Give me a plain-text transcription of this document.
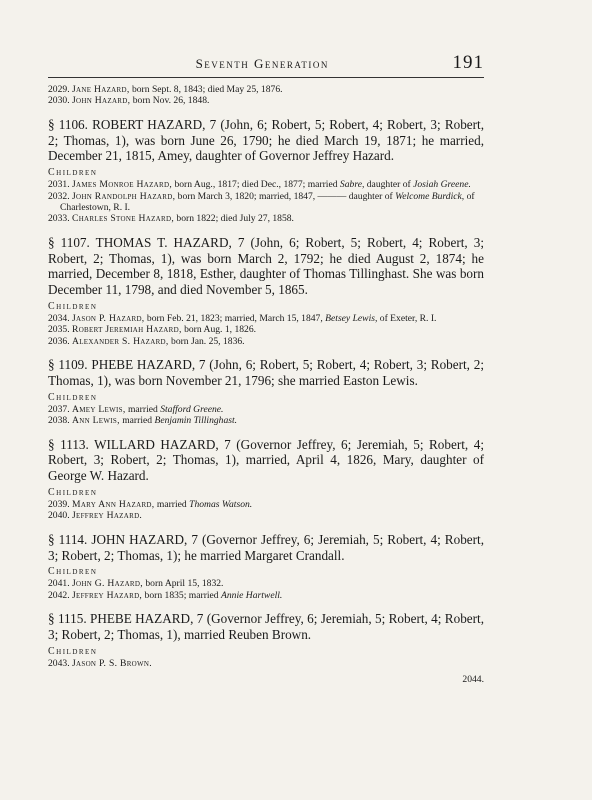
Seventh Generation	191
2029. Jane Hazard, born Sept. 8, 1843; died May 25, 1876.
2030. John Hazard, born Nov. 26, 1848.
§ 1106. ROBERT HAZARD, 7 (John, 6; Robert, 5; Robert, 4; Robert, 3; Robert, 2; Thomas, 1), was born June 26, 1790; he died March 19, 1871; he married, December 21, 1815, Amey, daughter of Governor Jeffrey Hazard.
Children
2031. James Monroe Hazard, born Aug., 1817; died Dec., 1877; married Sabre, daughter of Josiah Greene.
2032. John Randolph Hazard, born March 3, 1820; married, 1847, ——— daughter of Welcome Burdick, of Charlestown, R. I.
2033. Charles Stone Hazard, born 1822; died July 27, 1858.
§ 1107. THOMAS T. HAZARD, 7 (John, 6; Robert, 5; Robert, 4; Robert, 3; Robert, 2; Thomas, 1), was born March 2, 1792; he died August 2, 1874; he married, December 8, 1818, Esther, daughter of Thomas Tillinghast. She was born December 11, 1798, and died November 5, 1865.
Children
2034. Jason P. Hazard, born Feb. 21, 1823; married, March 15, 1847, Betsey Lewis, of Exeter, R. I.
2035. Robert Jeremiah Hazard, born Aug. 1, 1826.
2036. Alexander S. Hazard, born Jan. 25, 1836.
§ 1109. PHEBE HAZARD, 7 (John, 6; Robert, 5; Robert, 4; Robert, 3; Robert, 2; Thomas, 1), was born November 21, 1796; she married Easton Lewis.
Children
2037. Amey Lewis, married Stafford Greene.
2038. Ann Lewis, married Benjamin Tillinghast.
§ 1113. WILLARD HAZARD, 7 (Governor Jeffrey, 6; Jeremiah, 5; Robert, 4; Robert, 3; Robert, 2; Thomas, 1), married, April 4, 1826, Mary, daughter of George W. Hazard.
Children
2039. Mary Ann Hazard, married Thomas Watson.
2040. Jeffrey Hazard.
§ 1114. JOHN HAZARD, 7 (Governor Jeffrey, 6; Jeremiah, 5; Robert, 4; Robert, 3; Robert, 2; Thomas, 1); he married Margaret Crandall.
Children
2041. John G. Hazard, born April 15, 1832.
2042. Jeffrey Hazard, born 1835; married Annie Hartwell.
§ 1115. PHEBE HAZARD, 7 (Governor Jeffrey, 6; Jeremiah, 5; Robert, 4; Robert, 3; Robert, 2; Thomas, 1), married Reuben Brown.
Children
2043. Jason P. S. Brown.
2044.
